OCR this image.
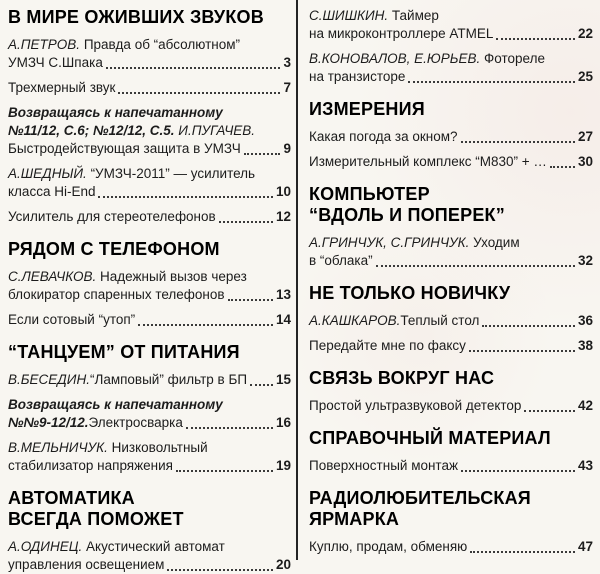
В МИРЕ ОЖИВШИХ ЗВУКОВ
А.ПЕТРОВ. Правда об “абсолютном”
УМЗЧ С.Шпака	3
Трехмерный звук	7
Возвращаясь к напечатанному
№11/12, С.6; №12/12, С.5. И.ПУГАЧЕВ.
Быстродействующая защита в УМЗЧ	9
А.ШЕДНЫЙ. “УМЗЧ-2011” — усилитель
класса Hi-End	10
Усилитель для стереотелефонов	12
РЯДОМ С ТЕЛЕФОНОМ
С.ЛЕВАЧКОВ. Надежный вызов через
блокиратор спаренных телефонов	13
Если сотовый “утоп”	14
“ТАНЦУЕМ” ОТ ПИТАНИЯ
В.БЕСЕДИН. “Ламповый” фильтр в БП 15
Возвращаясь к напечатанному
№№9-12/12. Электросварка	16
В.МЕЛЬНИЧУК. Низковольтный
стабилизатор напряжения	19
АВТОМАТИКА
ВСЕГДА ПОМОЖЕТ
А.ОДИНЕЦ. Акустический автомат
управления освещением	20
С.ШИШКИН. Таймер
на микроконтроллере ATMEL	22
В.КОНОВАЛОВ, Е.ЮРЬЕВ. Фотореле
на транзисторе	25
ИЗМЕРЕНИЯ
Какая погода за окном?	27
Измерительный комплекс “М830” + … 30
КОМПЬЮТЕР
“ВДОЛЬ И ПОПЕРЕК”
А.ГРИНЧУК, С.ГРИНЧУК. Уходим
в “облака”	32
НЕ ТОЛЬКО НОВИЧКУ
А.КАШКАРОВ. Теплый стол	36
Передайте мне по факсу	38
СВЯЗЬ ВОКРУГ НАС
Простой ультразвуковой детектор	42
СПРАВОЧНЫЙ МАТЕРИАЛ
Поверхностный монтаж	43
РАДИОЛЮБИТЕЛЬСКАЯ
ЯРМАРКА
Куплю, продам, обменяю	47
